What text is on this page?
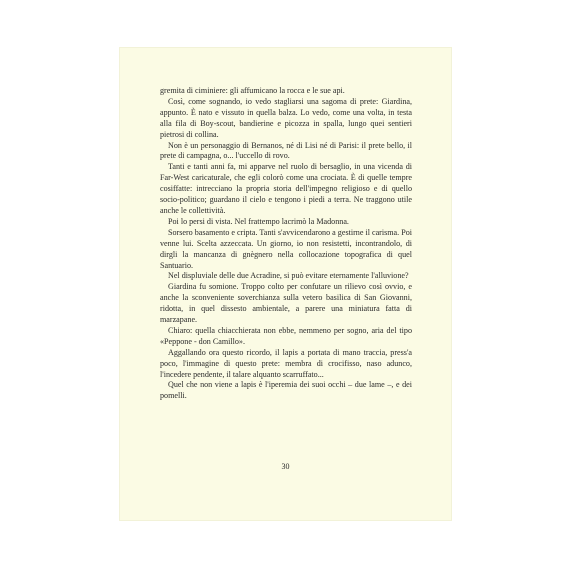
gremita di ciminiere: gli affumicano la rocca e le sue api.

Così, come sognando, io vedo stagliarsi una sagoma di prete: Giardina, appunto. È nato e vissuto in quella balza. Lo vedo, come una volta, in testa alla fila di Boy-scout, bandierine e picozza in spalla, lungo quei sentieri pietrosi di collina.

Non è un personaggio di Bernanos, né di Lisi né di Parisi: il prete bello, il prete di campagna, o... l'uccello di rovo.

Tanti e tanti anni fa, mi apparve nel ruolo di bersaglio, in una vicenda di Far-West caricaturale, che egli colorò come una crociata. È di quelle tempre cosiffatte: intrecciano la propria storia dell'impegno religioso e di quello socio-politico; guardano il cielo e tengono i piedi a terra. Ne traggono utile anche le collettività.

Poi lo persi di vista. Nel frattempo lacrimò la Madonna.

Sorsero basamento e cripta. Tanti s'avvicendarono a gestirne il carisma. Poi venne lui. Scelta azzeccata. Un giorno, io non resistetti, incontrandolo, di dirgli la mancanza di gnègnero nella collocazione topografica di quel Santuario.

Nel displuviale delle due Acradine, si può evitare eternamente l'alluvione?

Giardina fu somione. Troppo colto per confutare un rilievo così ovvio, e anche la sconveniente soverchianza sulla vetero basilica di San Giovanni, ridotta, in quel dissesto ambientale, a parere una miniatura fatta di marzapane.

Chiaro: quella chiacchierata non ebbe, nemmeno per sogno, aria del tipo «Peppone - don Camillo».

Aggallando ora questo ricordo, il lapis a portata di mano traccia, press'a poco, l'immagine di questo prete: membra di crocifisso, naso adunco, l'incedere pendente, il talare alquanto scarruffato...

Quel che non viene a lapis è l'iperemia dei suoi occhi – due lame –, e dei pomelli.

30
